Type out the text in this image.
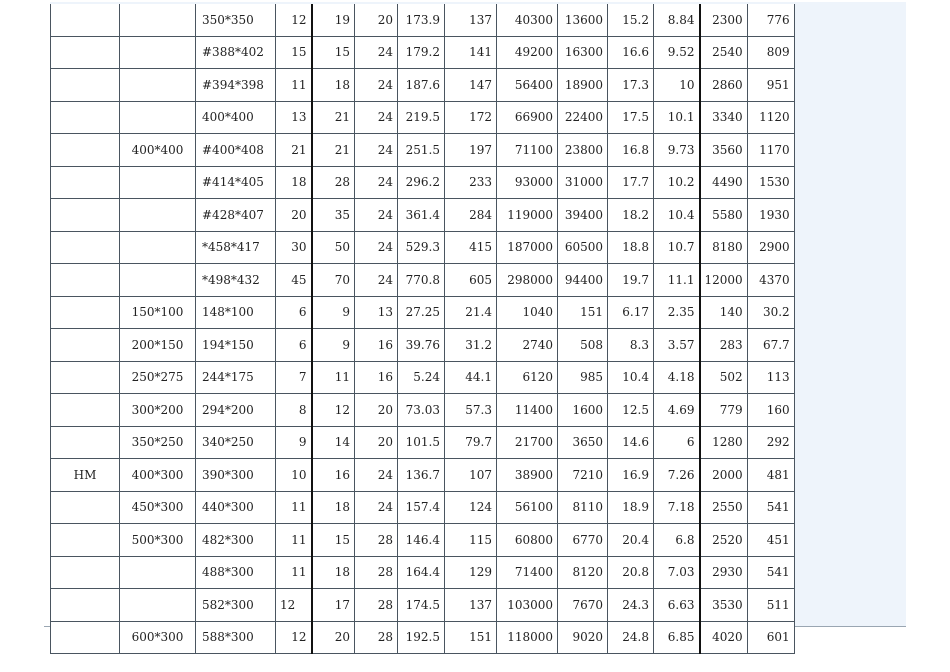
		350*350	12	19	20	173.9	137	40300	13600	15.2	8.84	2300	776
		#388*402	15	15	24	179.2	141	49200	16300	16.6	9.52	2540	809
		#394*398	11	18	24	187.6	147	56400	18900	17.3	10	2860	951
		400*400	13	21	24	219.5	172	66900	22400	17.5	10.1	3340	1120
	400*400	#400*408	21	21	24	251.5	197	71100	23800	16.8	9.73	3560	1170
		#414*405	18	28	24	296.2	233	93000	31000	17.7	10.2	4490	1530
		#428*407	20	35	24	361.4	284	119000	39400	18.2	10.4	5580	1930
		*458*417	30	50	24	529.3	415	187000	60500	18.8	10.7	8180	2900
		*498*432	45	70	24	770.8	605	298000	94400	19.7	11.1	12000	4370
	150*100	148*100	6	9	13	27.25	21.4	1040	151	6.17	2.35	140	30.2
	200*150	194*150	6	9	16	39.76	31.2	2740	508	8.3	3.57	283	67.7
	250*275	244*175	7	11	16	5.24	44.1	6120	985	10.4	4.18	502	113
	300*200	294*200	8	12	20	73.03	57.3	11400	1600	12.5	4.69	779	160
	350*250	340*250	9	14	20	101.5	79.7	21700	3650	14.6	6	1280	292
HM	400*300	390*300	10	16	24	136.7	107	38900	7210	16.9	7.26	2000	481
	450*300	440*300	11	18	24	157.4	124	56100	8110	18.9	7.18	2550	541
	500*300	482*300	11	15	28	146.4	115	60800	6770	20.4	6.8	2520	451
		488*300	11	18	28	164.4	129	71400	8120	20.8	7.03	2930	541
		582*300	12	17	28	174.5	137	103000	7670	24.3	6.63	3530	511
	600*300	588*300	12	20	28	192.5	151	118000	9020	24.8	6.85	4020	601
